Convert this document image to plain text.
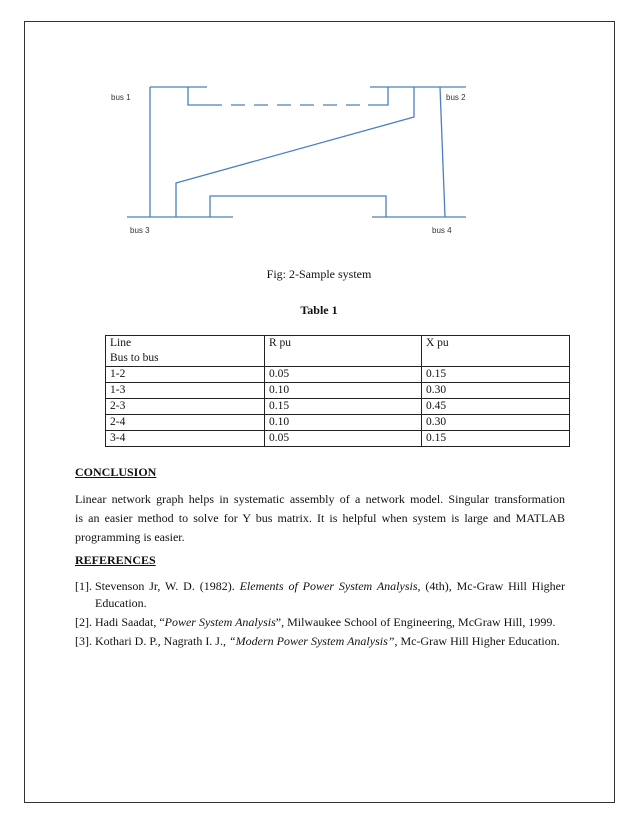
bus 1	bus 2
bus 3	bus 4
Fig: 2-Sample system
Table 1
Line
Bus to bus	R pu	X pu
1-2	0.05	0.15
1-3	0.10	0.30
2-3	0.15	0.45
2-4	0.10	0.30
3-4	0.05	0.15
CONCLUSION
Linear network graph helps in systematic assembly of a network model. Singular transformation
is an easier method to solve for Y bus matrix. It is helpful when system is large and MATLAB
programming is easier.
REFERENCES
[1]. Stevenson Jr, W. D. (1982). Elements of Power System Analysis, (4th), Mc-Graw Hill Higher Education.
[2]. Hadi Saadat, “Power System Analysis”, Milwaukee School of Engineering, McGraw Hill, 1999.
[3]. Kothari D. P., Nagrath I. J., “Modern Power System Analysis”, Mc-Graw Hill Higher Education.
